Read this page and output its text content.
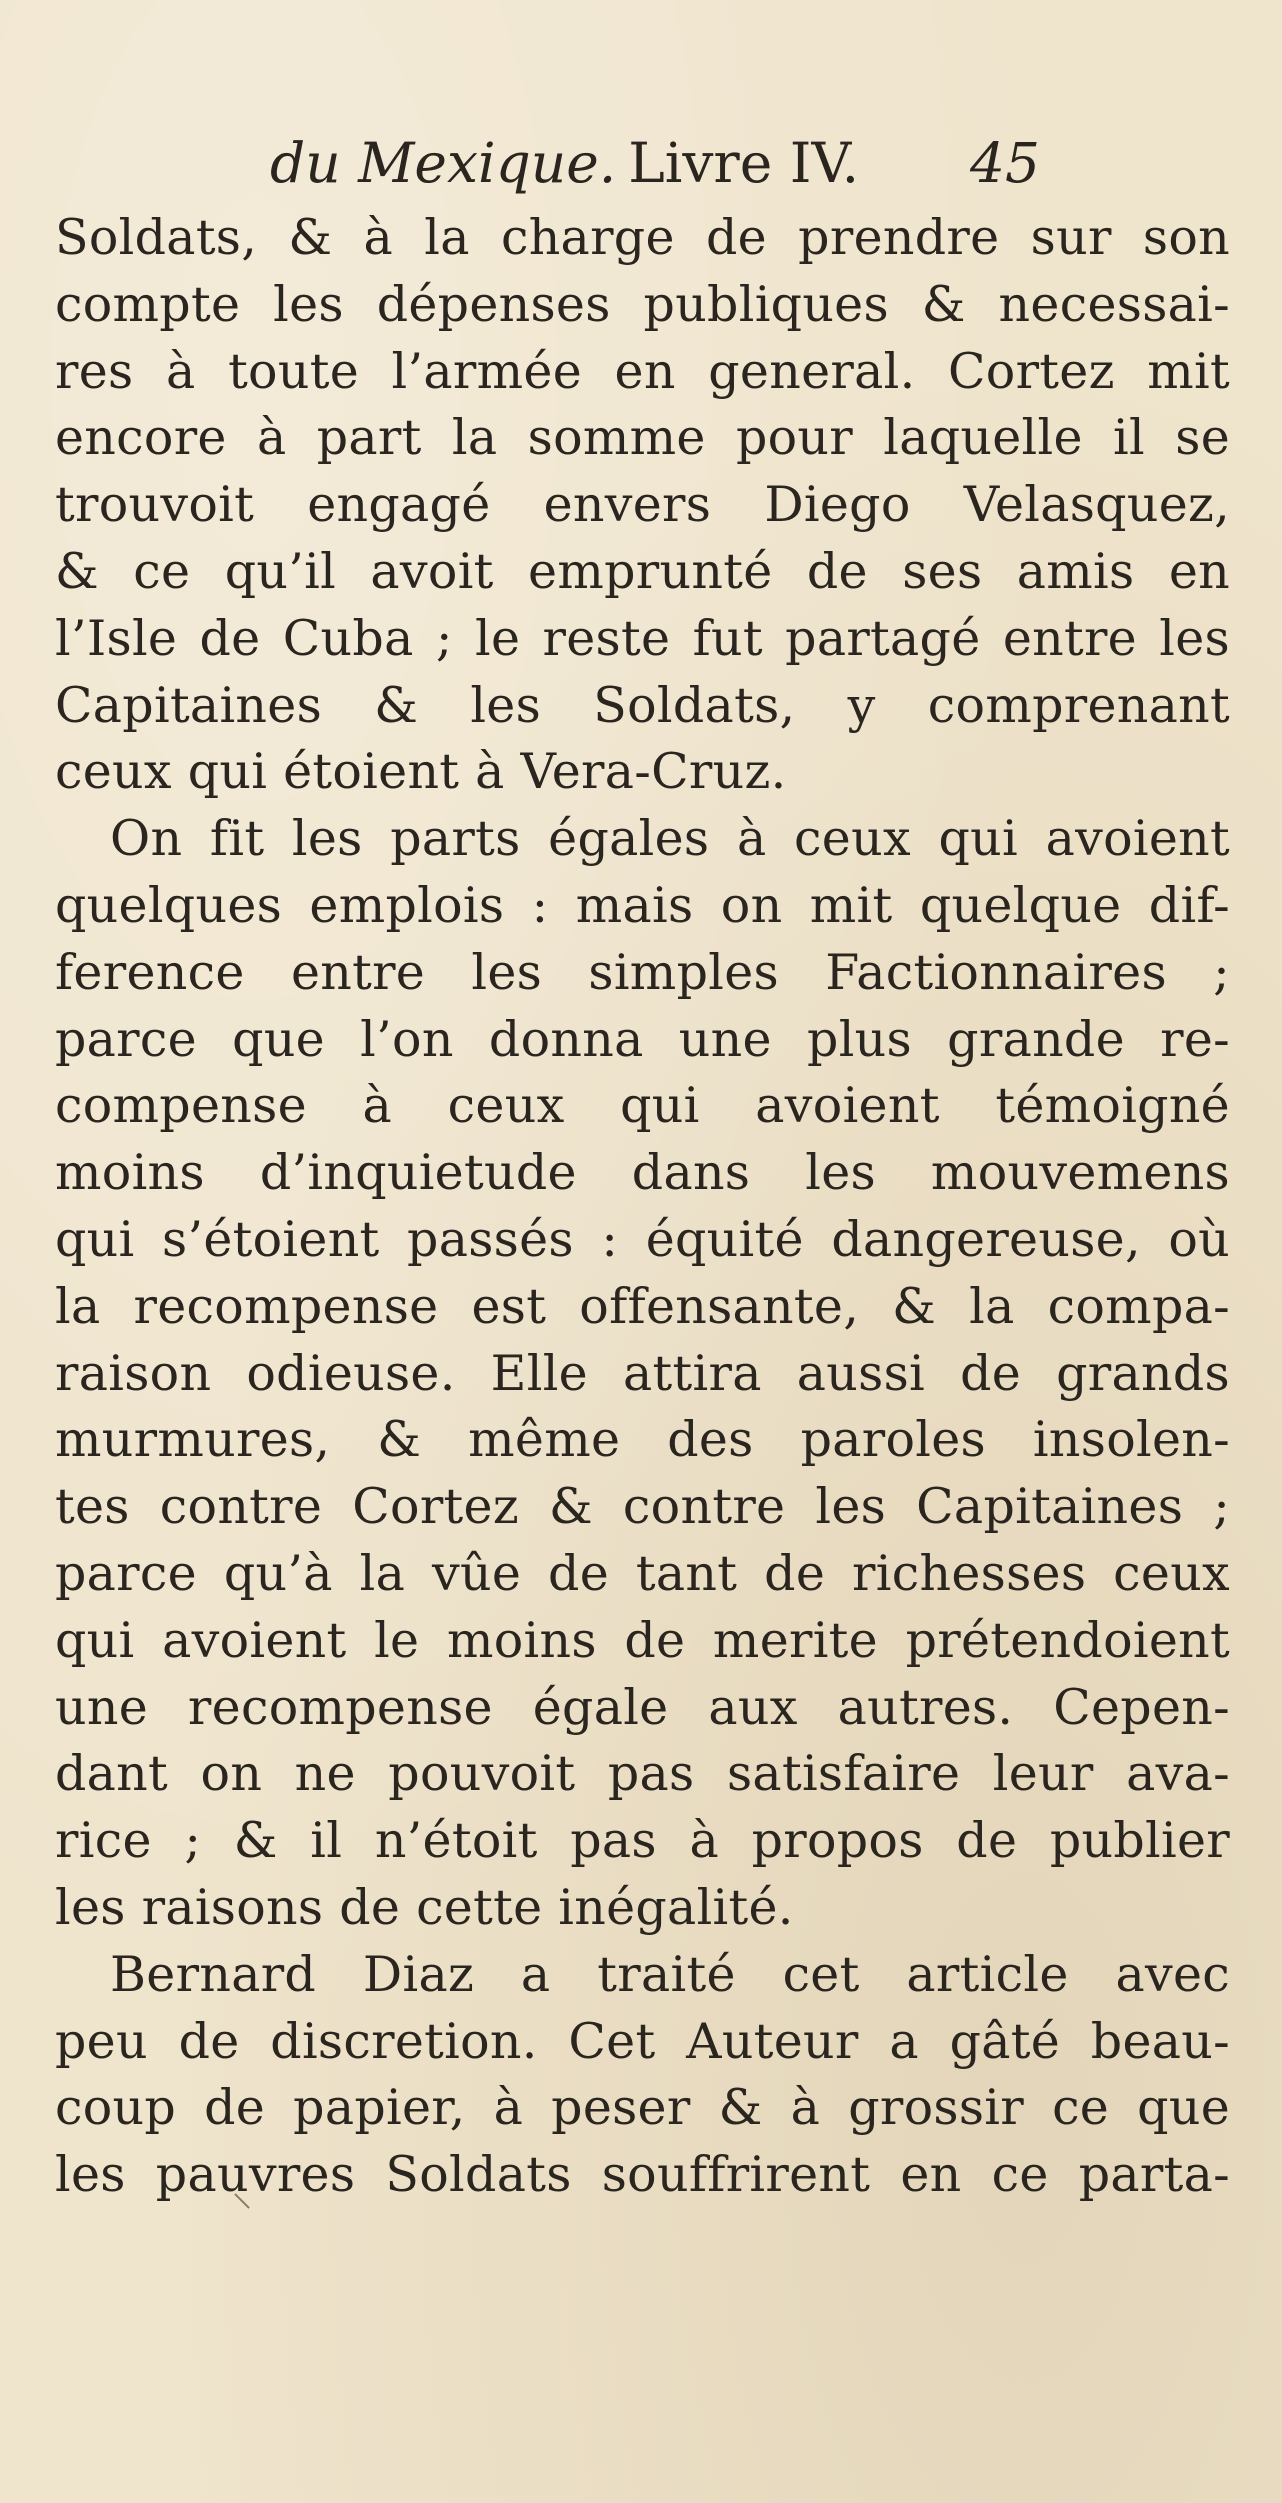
du Mexique. Livre IV. 45
Soldats, & à la charge de prendre sur son
compte les dépenses publiques & necessai-
res à toute l’armée en general. Cortez mit
encore à part la somme pour laquelle il se
trouvoit engagé envers Diego Velasquez,
& ce qu’il avoit emprunté de ses amis en
l’Isle de Cuba ; le reste fut partagé entre les
Capitaines & les Soldats, y comprenant
ceux qui étoient à Vera-Cruz.
On fit les parts égales à ceux qui avoient
quelques emplois : mais on mit quelque dif-
ference entre les simples Factionnaires ;
parce que l’on donna une plus grande re-
compense à ceux qui avoient témoigné
moins d’inquietude dans les mouvemens
qui s’étoient passés : équité dangereuse, où
la recompense est offensante, & la compa-
raison odieuse. Elle attira aussi de grands
murmures, & même des paroles insolen-
tes contre Cortez & contre les Capitaines ;
parce qu’à la vûe de tant de richesses ceux
qui avoient le moins de merite prétendoient
une recompense égale aux autres. Cepen-
dant on ne pouvoit pas satisfaire leur ava-
rice ; & il n’étoit pas à propos de publier
les raisons de cette inégalité.
Bernard Diaz a traité cet article avec
peu de discretion. Cet Auteur a gâté beau-
coup de papier, à peser & à grossir ce que
les pauvres Soldats souffrirent en ce parta-
